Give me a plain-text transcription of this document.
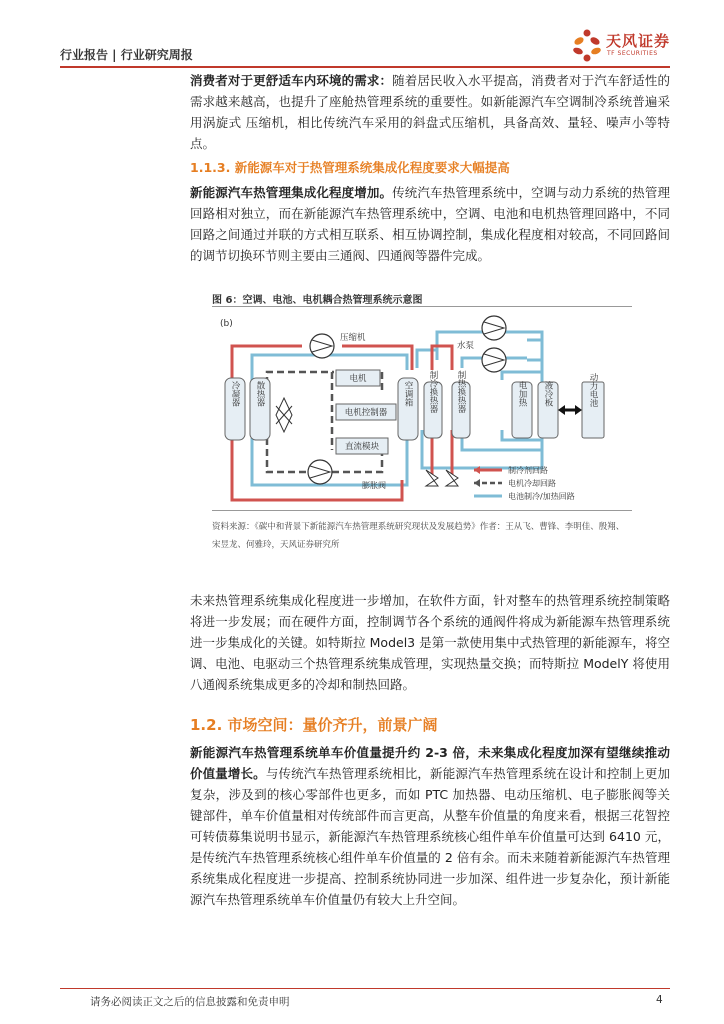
行业报告 | 行业研究周报
天风证券
TF SECURITIES
消费者对于更舒适车内环境的需求：随着居民收入水平提高，消费者对于汽车舒适性的需求越来越高，也提升了座舱热管理系统的重要性。如新能源汽车空调制冷系统普遍采用涡旋式 压缩机，相比传统汽车采用的斜盘式压缩机，具备高效、量轻、噪声小等特点。
1.1.3. 新能源车对于热管理系统集成化程度要求大幅提高
新能源汽车热管理集成化程度增加。传统汽车热管理系统中，空调与动力系统的热管理回路相对独立，而在新能源汽车热管理系统中，空调、电池和电机热管理回路中，不同回路之间通过并联的方式相互联系、相互协调控制，集成化程度相对较高，不同回路间的调节切换环节则主要由三通阀、四通阀等器件完成。
图 6：空调、电池、电机耦合热管理系统示意图
(b)
压缩机
水泵
冷凝器 散热器	空调箱 制冷换热器 制热换热器	电加热 液冷板	动力电池
电机
电机控制器
直流模块
膨胀阀
制冷剂回路
电机冷却回路
电池制冷/加热回路
资料来源：《碳中和背景下新能源汽车热管理系统研究现状及发展趋势》作者：王从飞、曹锋、李明佳、殷翔、宋昱龙、何雅玲，天风证券研究所
未来热管理系统集成化程度进一步增加，在软件方面，针对整车的热管理系统控制策略将进一步发展；而在硬件方面，控制调节各个系统的通阀件将成为新能源车热管理系统进一步集成化的关键。如特斯拉 Model3 是第一款使用集中式热管理的新能源车，将空调、电池、电驱动三个热管理系统集成管理，实现热量交换；而特斯拉 ModelY 将使用八通阀系统集成更多的冷却和制热回路。
1.2. 市场空间：量价齐升，前景广阔
新能源汽车热管理系统单车价值量提升约 2-3 倍，未来集成化程度加深有望继续推动价值量增长。与传统汽车热管理系统相比，新能源汽车热管理系统在设计和控制上更加复杂，涉及到的核心零部件也更多，而如 PTC 加热器、电动压缩机、电子膨胀阀等关键部件，单车价值量相对传统部件而言更高，从整车价值量的角度来看，根据三花智控可转债募集说明书显示，新能源汽车热管理系统核心组件单车价值量可达到 6410 元，是传统汽车热管理系统核心组件单车价值量的 2 倍有余。而未来随着新能源汽车热管理系统集成化程度进一步提高、控制系统协同进一步加深、组件进一步复杂化，预计新能源汽车热管理系统单车价值量仍有较大上升空间。
请务必阅读正文之后的信息披露和免责申明	4
